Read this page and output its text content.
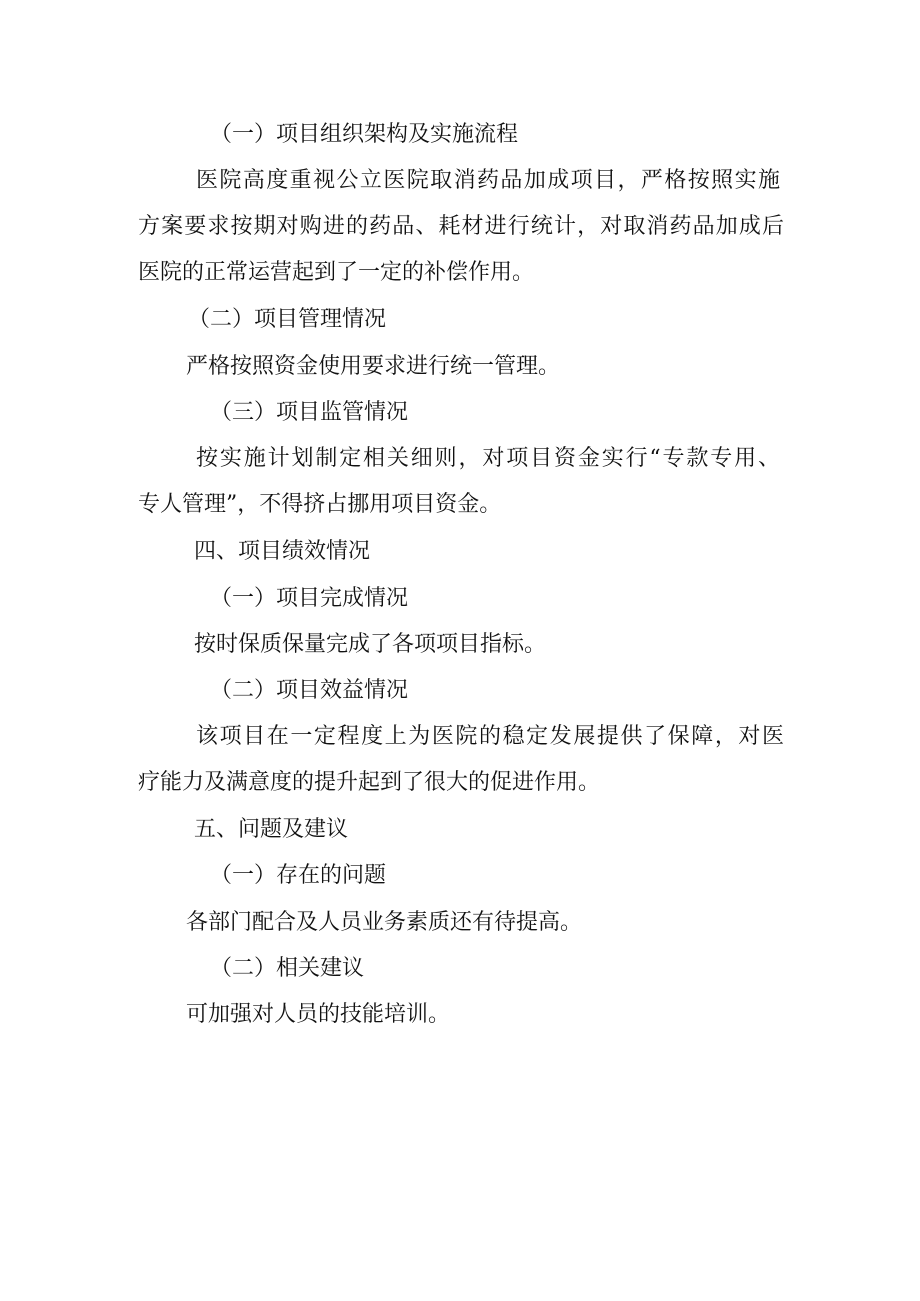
（一）项目组织架构及实施流程
医院高度重视公立医院取消药品加成项目，严格按照实施
方案要求按期对购进的药品、耗材进行统计，对取消药品加成后
医院的正常运营起到了一定的补偿作用。
（二）项目管理情况
严格按照资金使用要求进行统一管理。
（三）项目监管情况
按实施计划制定相关细则，对项目资金实行“专款专用、
专人管理”，不得挤占挪用项目资金。
四、项目绩效情况
（一）项目完成情况
按时保质保量完成了各项项目指标。
（二）项目效益情况
该项目在一定程度上为医院的稳定发展提供了保障，对医
疗能力及满意度的提升起到了很大的促进作用。
五、问题及建议
（一）存在的问题
各部门配合及人员业务素质还有待提高。
（二）相关建议
可加强对人员的技能培训。
